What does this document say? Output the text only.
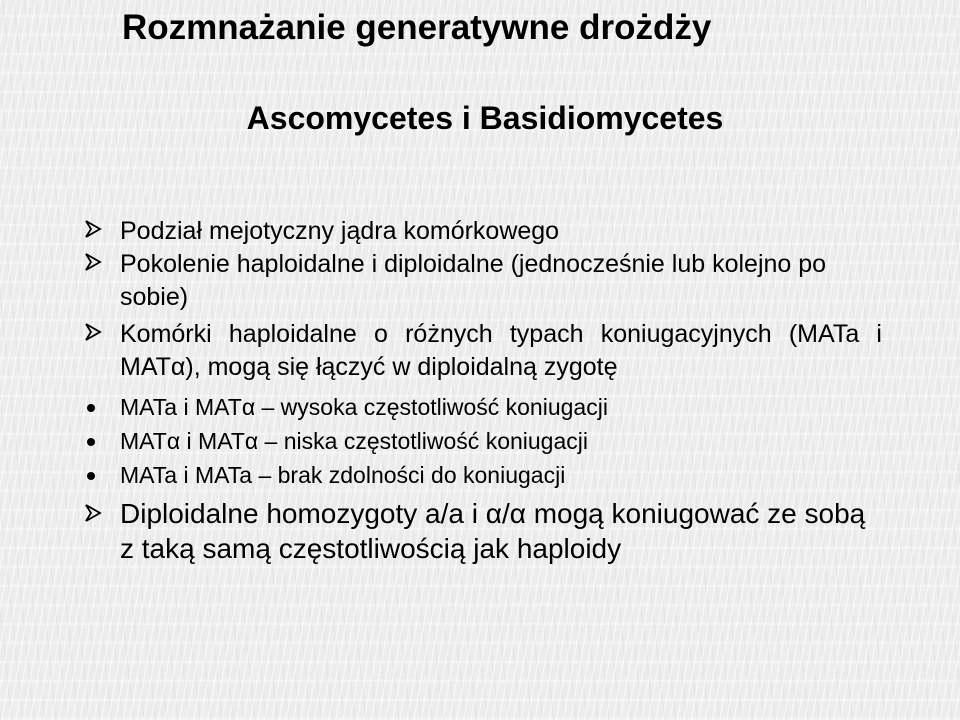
Rozmnażanie generatywne drożdży
Ascomycetes i Basidiomycetes
Podział mejotyczny jądra komórkowego
Pokolenie haploidalne i diploidalne (jednocześnie lub kolejno po sobie)
Komórki haploidalne o różnych typach koniugacyjnych (MATa i MATα), mogą się łączyć w diploidalną zygotę
MATa i MATα – wysoka częstotliwość koniugacji
MATα i MATα – niska częstotliwość koniugacji
MATa i MATa – brak zdolności do koniugacji
Diploidalne homozygoty a/a i α/α mogą koniugować ze sobą z taką samą częstotliwością jak haploidy
